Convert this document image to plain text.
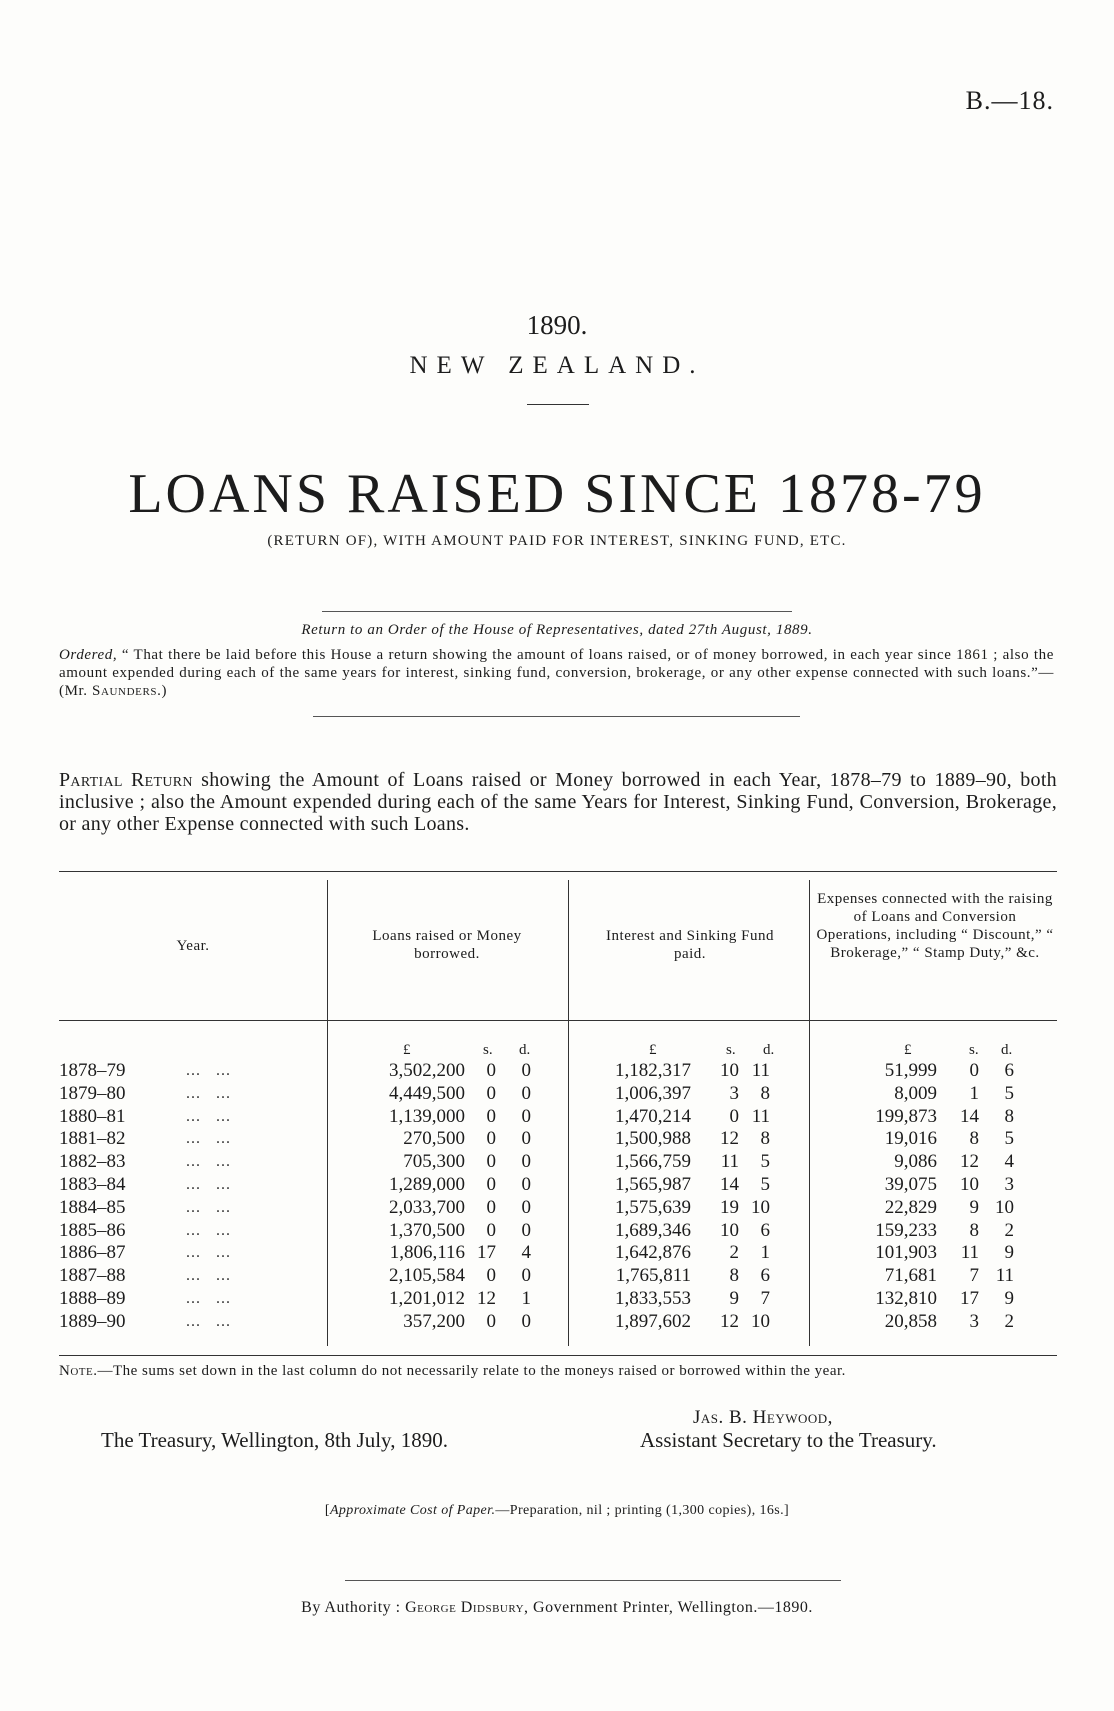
B.—18.
1890.
NEW ZEALAND.
LOANS RAISED SINCE 1878-79
(RETURN OF), WITH AMOUNT PAID FOR INTEREST, SINKING FUND, ETC.
Return to an Order of the House of Representatives, dated 27th August, 1889.
Ordered, “ That there be laid before this House a return showing the amount of loans raised, or of money borrowed, in each year since 1861 ; also the amount expended during each of the same years for interest, sinking fund, conversion, brokerage, or any other expense connected with such loans.”—(Mr. Saunders.)
Partial Return showing the Amount of Loans raised or Money borrowed in each Year, 1878–79 to 1889–90, both inclusive ; also the Amount expended during each of the same Years for Interest, Sinking Fund, Conversion, Brokerage, or any other Expense connected with such Loans.
Year.
Loans raised or Money borrowed.
Interest and Sinking Fund paid.
Expenses connected with the raising of Loans and Conversion Operations, including “ Discount,” “ Brokerage,” “ Stamp Duty,” &c.
£	s. d.	£	s. d.	£	s. d.
1878–79	...   ...	3,502,200 0 0	1,182,317 10 11	51,999 0 6
1879–80	...   ...	4,449,500 0 0	1,006,397 3 8	8,009 1 5
1880–81	...   ...	1,139,000 0 0	1,470,214 0 11	199,873 14 8
1881–82	...   ...	270,500 0 0	1,500,988 12 8	19,016 8 5
1882–83	...   ...	705,300 0 0	1,566,759 11 5	9,086 12 4
1883–84	...   ...	1,289,000 0 0	1,565,987 14 5	39,075 10 3
1884–85	...   ...	2,033,700 0 0	1,575,639 19 10	22,829 9 10
1885–86	...   ...	1,370,500 0 0	1,689,346 10 6	159,233 8 2
1886–87	...   ...	1,806,116 17 4	1,642,876 2 1	101,903 11 9
1887–88	...   ...	2,105,584 0 0	1,765,811 8 6	71,681 7 11
1888–89	...   ...	1,201,012 12 1	1,833,553 9 7	132,810 17 9
1889–90	...   ...	357,200 0 0	1,897,602 12 10	20,858 3 2
Note.—The sums set down in the last column do not necessarily relate to the moneys raised or borrowed within the year.
Jas. B. Heywood,
The Treasury, Wellington, 8th July, 1890.	Assistant Secretary to the Treasury.
[Approximate Cost of Paper.—Preparation, nil ; printing (1,300 copies), 16s.]
By Authority : George Didsbury, Government Printer, Wellington.—1890.
